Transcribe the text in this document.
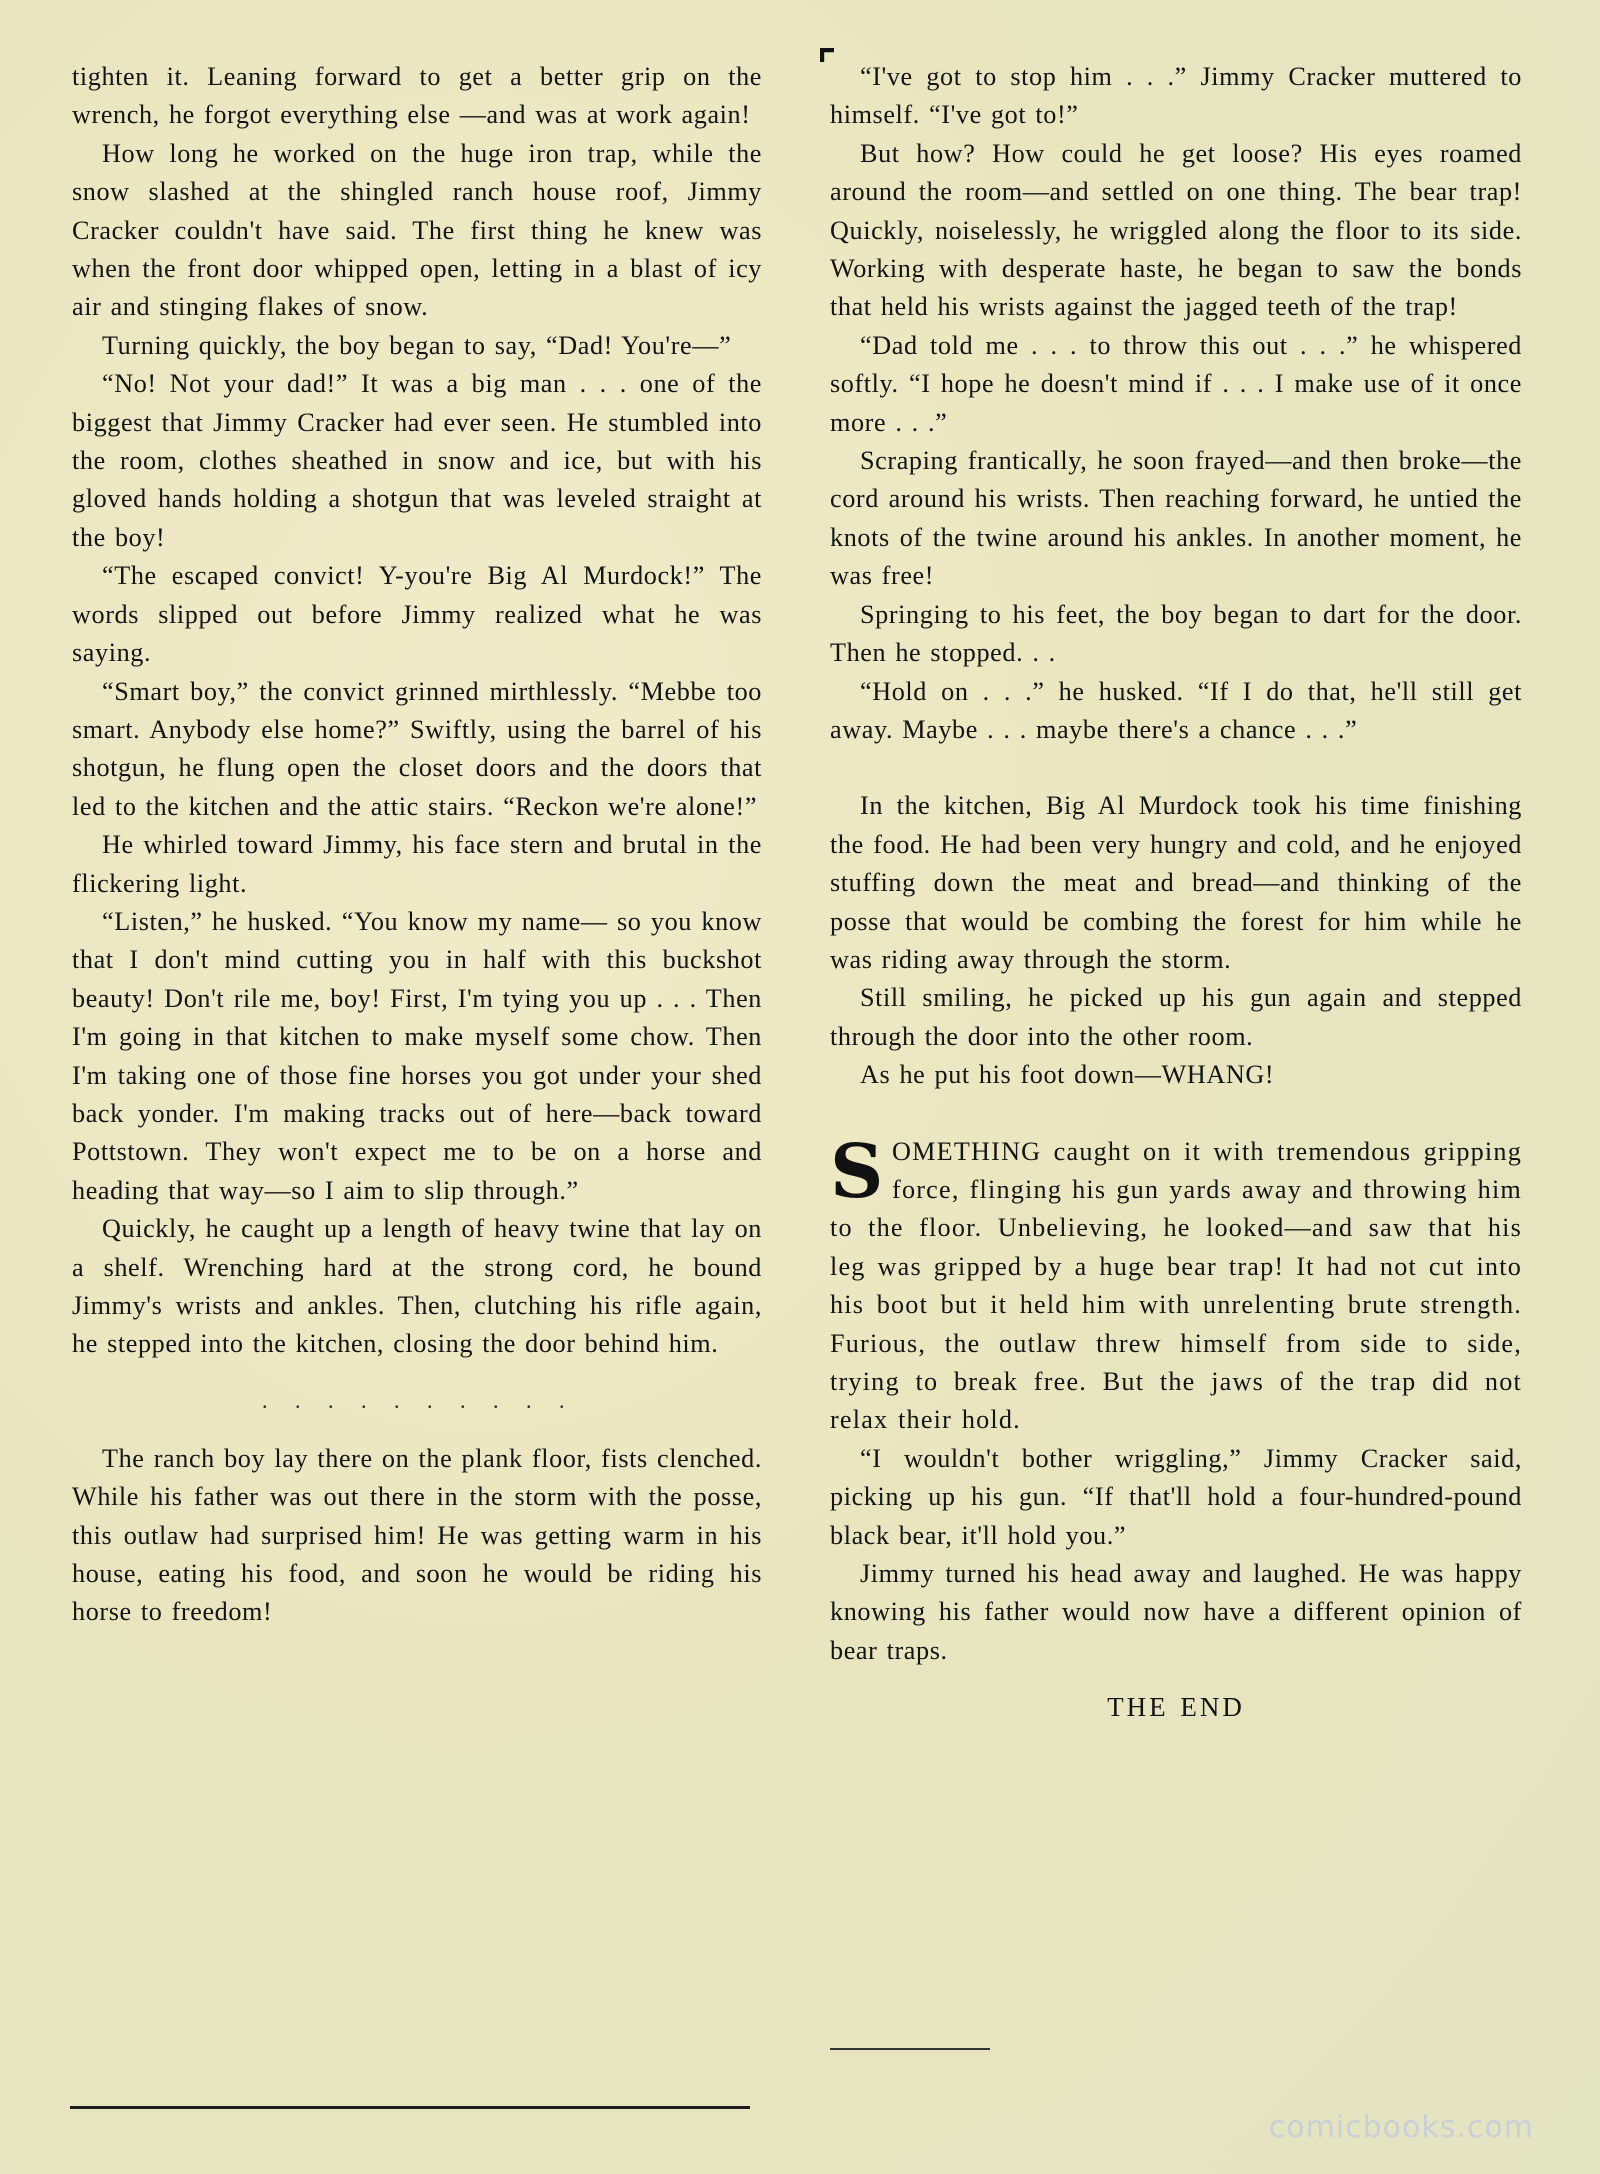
tighten it. Leaning forward to get a better grip on the wrench, he forgot everything else —and was at work again!

How long he worked on the huge iron trap, while the snow slashed at the shingled ranch house roof, Jimmy Cracker couldn't have said. The first thing he knew was when the front door whipped open, letting in a blast of icy air and stinging flakes of snow.

Turning quickly, the boy began to say, “Dad! You're—”

“No! Not your dad!” It was a big man . . . one of the biggest that Jimmy Cracker had ever seen. He stumbled into the room, clothes sheathed in snow and ice, but with his gloved hands holding a shotgun that was leveled straight at the boy!

“The escaped convict! Y-you're Big Al Murdock!” The words slipped out before Jimmy realized what he was saying.

“Smart boy,” the convict grinned mirthlessly. “Mebbe too smart. Anybody else home?” Swiftly, using the barrel of his shotgun, he flung open the closet doors and the doors that led to the kitchen and the attic stairs. “Reckon we're alone!”

He whirled toward Jimmy, his face stern and brutal in the flickering light.

“Listen,” he husked. “You know my name— so you know that I don't mind cutting you in half with this buckshot beauty! Don't rile me, boy! First, I'm tying you up . . . Then I'm going in that kitchen to make myself some chow. Then I'm taking one of those fine horses you got under your shed back yonder. I'm making tracks out of here—back toward Pottstown. They won't expect me to be on a horse and heading that way—so I aim to slip through.”

Quickly, he caught up a length of heavy twine that lay on a shelf. Wrenching hard at the strong cord, he bound Jimmy's wrists and ankles. Then, clutching his rifle again, he stepped into the kitchen, closing the door behind him.

. . . . . . . . . .

The ranch boy lay there on the plank floor, fists clenched. While his father was out there in the storm with the posse, this outlaw had surprised him! He was getting warm in his house, eating his food, and soon he would be riding his horse to freedom!

“I've got to stop him . . .” Jimmy Cracker muttered to himself. “I've got to!”

But how? How could he get loose? His eyes roamed around the room—and settled on one thing. The bear trap! Quickly, noiselessly, he wriggled along the floor to its side. Working with desperate haste, he began to saw the bonds that held his wrists against the jagged teeth of the trap!

“Dad told me . . . to throw this out . . .” he whispered softly. “I hope he doesn't mind if . . . I make use of it once more . . .”

Scraping frantically, he soon frayed—and then broke—the cord around his wrists. Then reaching forward, he untied the knots of the twine around his ankles. In another moment, he was free!

Springing to his feet, the boy began to dart for the door. Then he stopped. . .

“Hold on . . .” he husked. “If I do that, he'll still get away. Maybe . . . maybe there's a chance . . .”

In the kitchen, Big Al Murdock took his time finishing the food. He had been very hungry and cold, and he enjoyed stuffing down the meat and bread—and thinking of the posse that would be combing the forest for him while he was riding away through the storm.

Still smiling, he picked up his gun again and stepped through the door into the other room.

As he put his foot down—WHANG!

S OMETHING caught on it with tremendous gripping force, flinging his gun yards away and throwing him to the floor. Unbelieving, he looked—and saw that his leg was gripped by a huge bear trap! It had not cut into his boot but it held him with unrelenting brute strength. Furious, the outlaw threw himself from side to side, trying to break free. But the jaws of the trap did not relax their hold.

“I wouldn't bother wriggling,” Jimmy Cracker said, picking up his gun. “If that'll hold a four-hundred-pound black bear, it'll hold you.”

Jimmy turned his head away and laughed. He was happy knowing his father would now have a different opinion of bear traps.

THE END
comicbooks.com
